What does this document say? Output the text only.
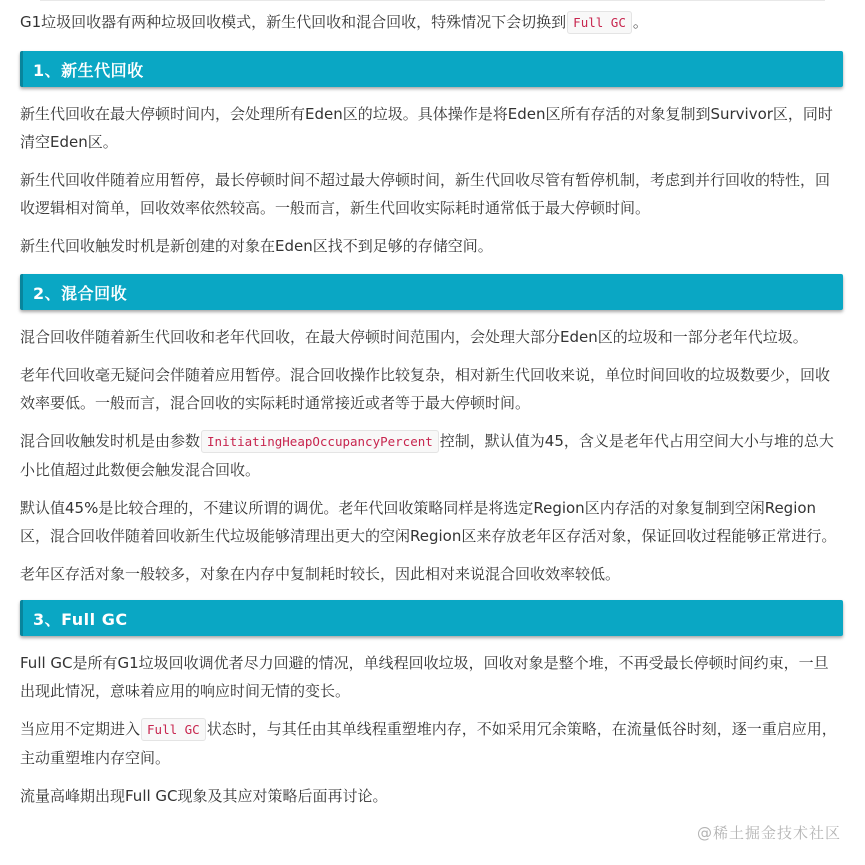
G1垃圾回收器有两种垃圾回收模式，新生代回收和混合回收，特殊情况下会切换到 Full GC 。

1、新生代回收

新生代回收在最大停顿时间内，会处理所有Eden区的垃圾。具体操作是将Eden区所有存活的对象复制到Survivor区，同时清空Eden区。

新生代回收伴随着应用暂停，最长停顿时间不超过最大停顿时间，新生代回收尽管有暂停机制，考虑到并行回收的特性，回收逻辑相对简单，回收效率依然较高。一般而言，新生代回收实际耗时通常低于最大停顿时间。

新生代回收触发时机是新创建的对象在Eden区找不到足够的存储空间。

2、混合回收

混合回收伴随着新生代回收和老年代回收，在最大停顿时间范围内，会处理大部分Eden区的垃圾和一部分老年代垃圾。

老年代回收毫无疑问会伴随着应用暂停。混合回收操作比较复杂，相对新生代回收来说，单位时间回收的垃圾数要少，回收效率要低。一般而言，混合回收的实际耗时通常接近或者等于最大停顿时间。

混合回收触发时机是由参数 InitiatingHeapOccupancyPercent 控制，默认值为45，含义是老年代占用空间大小与堆的总大小比值超过此数便会触发混合回收。

默认值45%是比较合理的，不建议所谓的调优。老年代回收策略同样是将选定Region区内存活的对象复制到空闲Region区，混合回收伴随着回收新生代垃圾能够清理出更大的空闲Region区来存放老年区存活对象，保证回收过程能够正常进行。

老年区存活对象一般较多，对象在内存中复制耗时较长，因此相对来说混合回收效率较低。

3、Full GC

Full GC是所有G1垃圾回收调优者尽力回避的情况，单线程回收垃圾，回收对象是整个堆，不再受最长停顿时间约束，一旦出现此情况，意味着应用的响应时间无情的变长。

当应用不定期进入 Full GC 状态时，与其任由其单线程重塑堆内存，不如采用冗余策略，在流量低谷时刻，逐一重启应用，主动重塑堆内存空间。

流量高峰期出现Full GC现象及其应对策略后面再讨论。

@稀土掘金技术社区
